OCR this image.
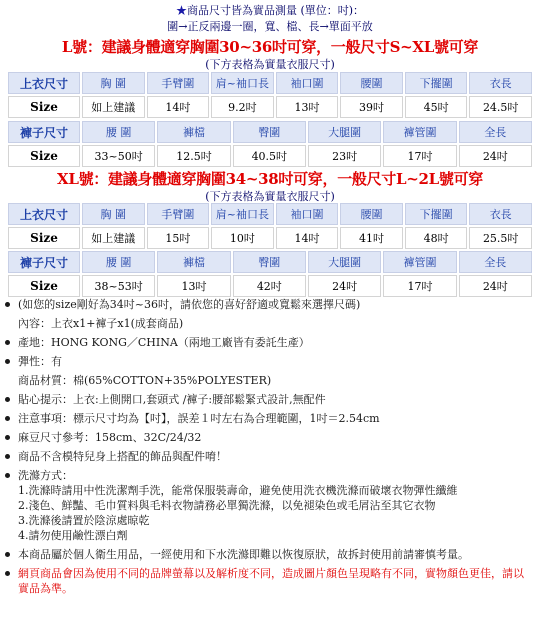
★商品尺寸皆為實品測量 (單位：吋)：
圍→正反兩邊一圈，寬、檔、長→單面平放
L號：建議身體適穿胸圍30~36吋可穿，一般尺寸S~XL號可穿
(下方表格為實量衣服尺寸)
上衣尺寸	胸 圍	手臂圍	肩~袖口長	袖口圍	腰圍	下擺圍	衣長
Size	如上建議	14吋	9.2吋	13吋	39吋	45吋	24.5吋
褲子尺寸	腰 圍	褲檔	臀圍	大腿圍	褲管圍	全長
Size	33~50吋	12.5吋	40.5吋	23吋	17吋	24吋
XL號：建議身體適穿胸圍34~38吋可穿，一般尺寸L~2L號可穿
(下方表格為實量衣服尺寸)
上衣尺寸	胸 圍	手臂圍	肩~袖口長	袖口圍	腰圍	下擺圍	衣長
Size	如上建議	15吋	10吋	14吋	41吋	48吋	25.5吋
褲子尺寸	腰 圍	褲檔	臀圍	大腿圍	褲管圍	全長
Size	38~53吋	13吋	42吋	24吋	17吋	24吋
(如您的size剛好為34吋~36吋，請依您的喜好舒適或寬鬆來選擇尺碼)
內容：上衣x1+褲子x1(成套商品)
產地：HONG KONG／CHINA（兩地工廠皆有委託生產）
彈性：有
商品材質：棉(65%COTTON+35%POLYESTER)
貼心提示：上衣:上側開口,套頭式 /褲子:腰部鬆緊式設計,無配件
注意事項：標示尺寸均為【吋】，誤差１吋左右為合理範圍，1吋＝2.54cm
麻豆尺寸參考：158cm、32C/24/32
商品不含模特兒身上搭配的飾品與配件唷！
洗滌方式：
1.洗滌時請用中性洗潔劑手洗，能常保服裝壽命，避免使用洗衣機洗滌而破壞衣物彈性纖維
2.淺色、鮮豔、毛巾質料與毛料衣物請務必單獨洗滌，以免褪染色或毛屑沾至其它衣物
3.洗滌後請置於陰涼處晾乾
4.請勿使用鹼性漂白劑
本商品屬於個人衛生用品，一經使用和下水洗滌即難以恢復原狀，故拆封使用前請審慎考量。
網頁商品會因為使用不同的品牌螢幕以及解析度不同，造成圖片顏色呈現略有不同，實物顏色更佳，請以實品為準。
